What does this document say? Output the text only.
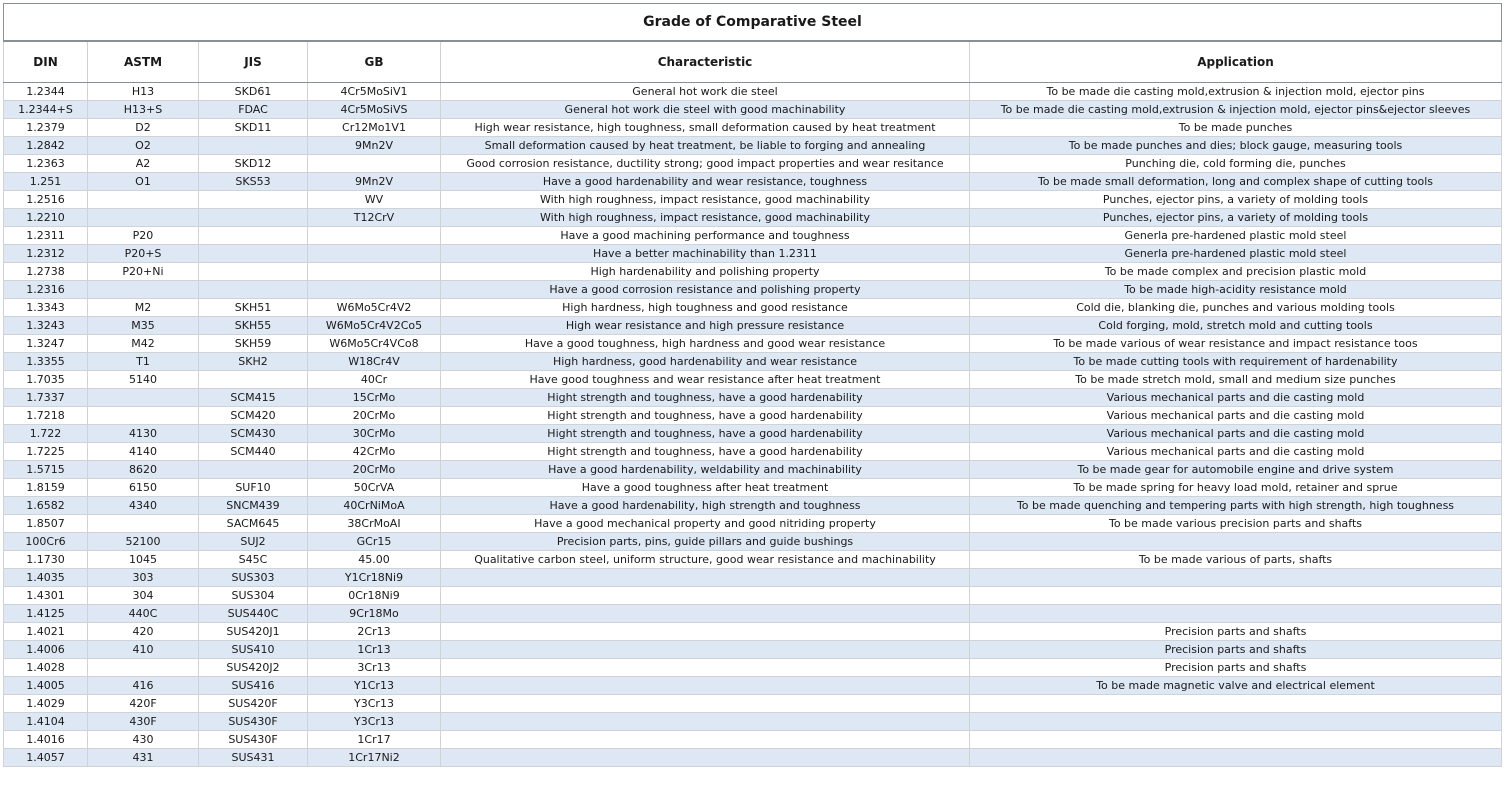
Grade of Comparative Steel					
DIN	ASTM	JIS	GB	Characteristic	Application
1.2344	H13	SKD61	4Cr5MoSiV1	General hot work die steel	To be made die casting mold,extrusion & injection mold, ejector pins
1.2344+S	H13+S	FDAC	4Cr5MoSiVS	General hot work die steel with good machinability	To be made die casting mold,extrusion & injection mold, ejector pins&ejector sleeves
1.2379	D2	SKD11	Cr12Mo1V1	High wear resistance, high toughness, small deformation caused by heat treatment	To be made punches
1.2842	O2		9Mn2V	Small deformation caused by heat treatment, be liable to forging and annealing	To be made punches and dies; block gauge, measuring tools
1.2363	A2	SKD12		Good corrosion resistance, ductility strong; good impact properties and wear resitance	Punching die, cold forming die, punches
1.251	O1	SKS53	9Mn2V	Have a good hardenability and wear resistance, toughness	To be made small deformation, long and complex shape of cutting tools
1.2516			WV	With high roughness, impact resistance, good machinability	Punches, ejector pins, a variety of molding tools
1.2210			T12CrV	With high roughness, impact resistance, good machinability	Punches, ejector pins, a variety of molding tools
1.2311	P20			Have a good machining performance and toughness	Generla pre-hardened plastic mold steel
1.2312	P20+S			Have a better machinability than 1.2311	Generla pre-hardened plastic mold steel
1.2738	P20+Ni			High hardenability and polishing property	To be made complex and precision plastic mold
1.2316				Have a good corrosion resistance and polishing property	To be made high-acidity resistance mold
1.3343	M2	SKH51	W6Mo5Cr4V2	High hardness, high toughness and good resistance	Cold die, blanking die, punches and various molding tools
1.3243	M35	SKH55	W6Mo5Cr4V2Co5	High wear resistance and high pressure resistance	Cold forging, mold, stretch mold and cutting tools
1.3247	M42	SKH59	W6Mo5Cr4VCo8	Have a good toughness, high hardness and good wear resistance	To be made various of wear resistance and impact resistance toos
1.3355	T1	SKH2	W18Cr4V	High hardness, good hardenability and wear resistance	To be made cutting tools with requirement of hardenability
1.7035	5140		40Cr	Have good toughness and wear resistance after heat treatment	To be made stretch mold, small and medium size punches
1.7337		SCM415	15CrMo	Hight strength and toughness, have a good hardenability	Various mechanical parts and die casting mold
1.7218		SCM420	20CrMo	Hight strength and toughness, have a good hardenability	Various mechanical parts and die casting mold
1.722	4130	SCM430	30CrMo	Hight strength and toughness, have a good hardenability	Various mechanical parts and die casting mold
1.7225	4140	SCM440	42CrMo	Hight strength and toughness, have a good hardenability	Various mechanical parts and die casting mold
1.5715	8620		20CrMo	Have a good hardenability, weldability and machinability	To be made gear for automobile engine and drive system
1.8159	6150	SUF10	50CrVA	Have a good toughness after heat treatment	To be made spring for heavy load mold, retainer and sprue
1.6582	4340	SNCM439	40CrNiMoA	Have a good hardenability, high strength and toughness	To be made quenching and tempering parts with high strength, high toughness
1.8507		SACM645	38CrMoAI	Have a good mechanical property and good nitriding property	To be made various precision parts and shafts
100Cr6	52100	SUJ2	GCr15	Precision parts, pins, guide pillars and guide bushings	
1.1730	1045	S45C	45.00	Qualitative carbon steel, uniform structure, good wear resistance and machinability	To be made various of parts, shafts
1.4035	303	SUS303	Y1Cr18Ni9		
1.4301	304	SUS304	0Cr18Ni9		
1.4125	440C	SUS440C	9Cr18Mo		
1.4021	420	SUS420J1	2Cr13		Precision parts and shafts
1.4006	410	SUS410	1Cr13		Precision parts and shafts
1.4028		SUS420J2	3Cr13		Precision parts and shafts
1.4005	416	SUS416	Y1Cr13		To be made magnetic valve and electrical element
1.4029	420F	SUS420F	Y3Cr13		
1.4104	430F	SUS430F	Y3Cr13		
1.4016	430	SUS430F	1Cr17		
1.4057	431	SUS431	1Cr17Ni2		
